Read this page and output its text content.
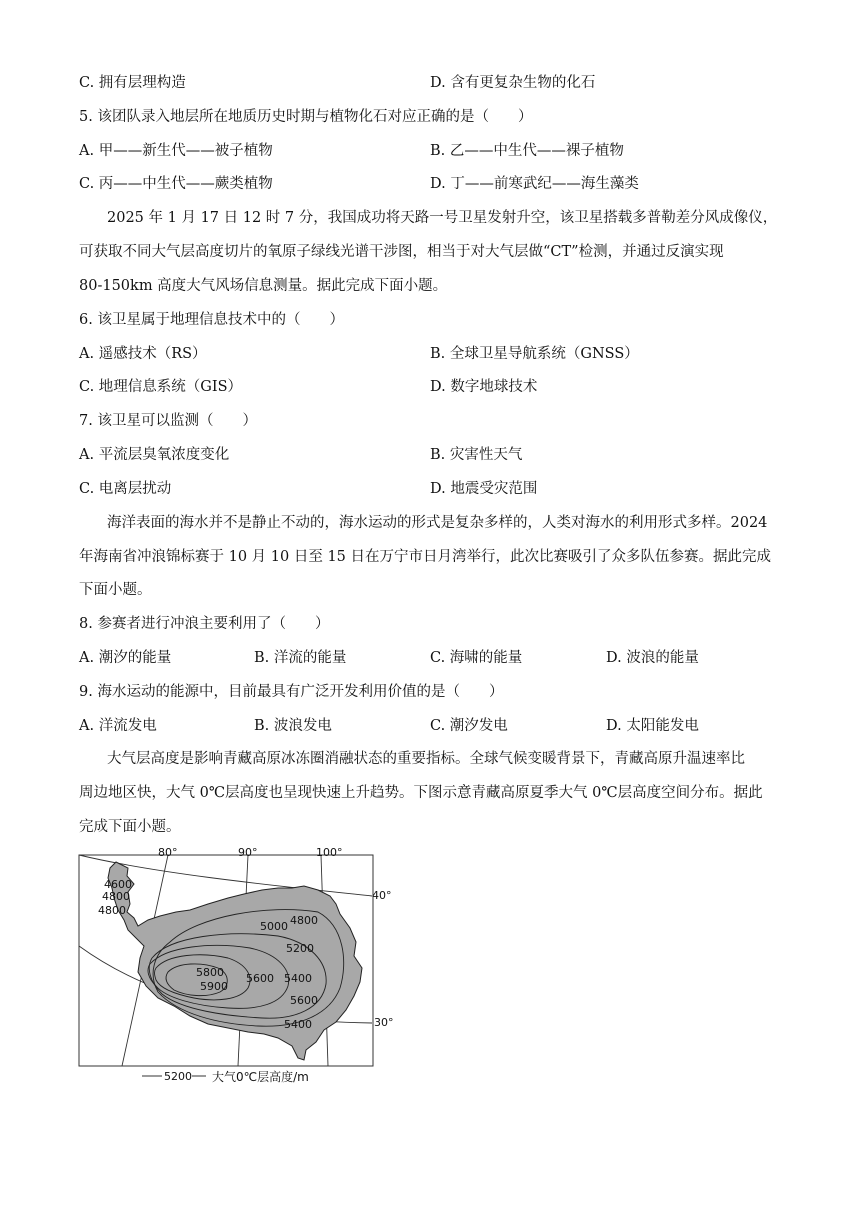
C. 拥有层理构造	D. 含有更复杂生物的化石
5. 该团队录入地层所在地质历史时期与植物化石对应正确的是（　　）
A. 甲——新生代——被子植物	B. 乙——中生代——裸子植物
C. 丙——中生代——蕨类植物	D. 丁——前寒武纪——海生藻类
2025 年 1 月 17 日 12 时 7 分，我国成功将天路一号卫星发射升空，该卫星搭载多普勒差分风成像仪，
可获取不同大气层高度切片的氧原子绿线光谱干涉图，相当于对大气层做“CT”检测，并通过反演实现
80-150km 高度大气风场信息测量。据此完成下面小题。
6. 该卫星属于地理信息技术中的（　　）
A. 遥感技术（RS）	B. 全球卫星导航系统（GNSS）
C. 地理信息系统（GIS）	D. 数字地球技术
7. 该卫星可以监测（　　）
A. 平流层臭氧浓度变化	B. 灾害性天气
C. 电离层扰动	D. 地震受灾范围
海洋表面的海水并不是静止不动的，海水运动的形式是复杂多样的，人类对海水的利用形式多样。2024
年海南省冲浪锦标赛于 10 月 10 日至 15 日在万宁市日月湾举行，此次比赛吸引了众多队伍参赛。据此完成
下面小题。
8. 参赛者进行冲浪主要利用了（　　）
A. 潮汐的能量	B. 洋流的能量	C. 海啸的能量	D. 波浪的能量
9. 海水运动的能源中，目前最具有广泛开发利用价值的是（　　）
A. 洋流发电	B. 波浪发电	C. 潮汐发电	D. 太阳能发电
大气层高度是影响青藏高原冰冻圈消融状态的重要指标。全球气候变暖背景下，青藏高原升温速率比
周边地区快，大气 0℃层高度也呈现快速上升趋势。下图示意青藏高原夏季大气 0℃层高度空间分布。据此
完成下面小题。
80°	90°	100°
40°
30°
4600
4800
4800
5000 4800
5200
5800
5900
5600 5400
5600
5400
5200 大气0℃层高度/m
